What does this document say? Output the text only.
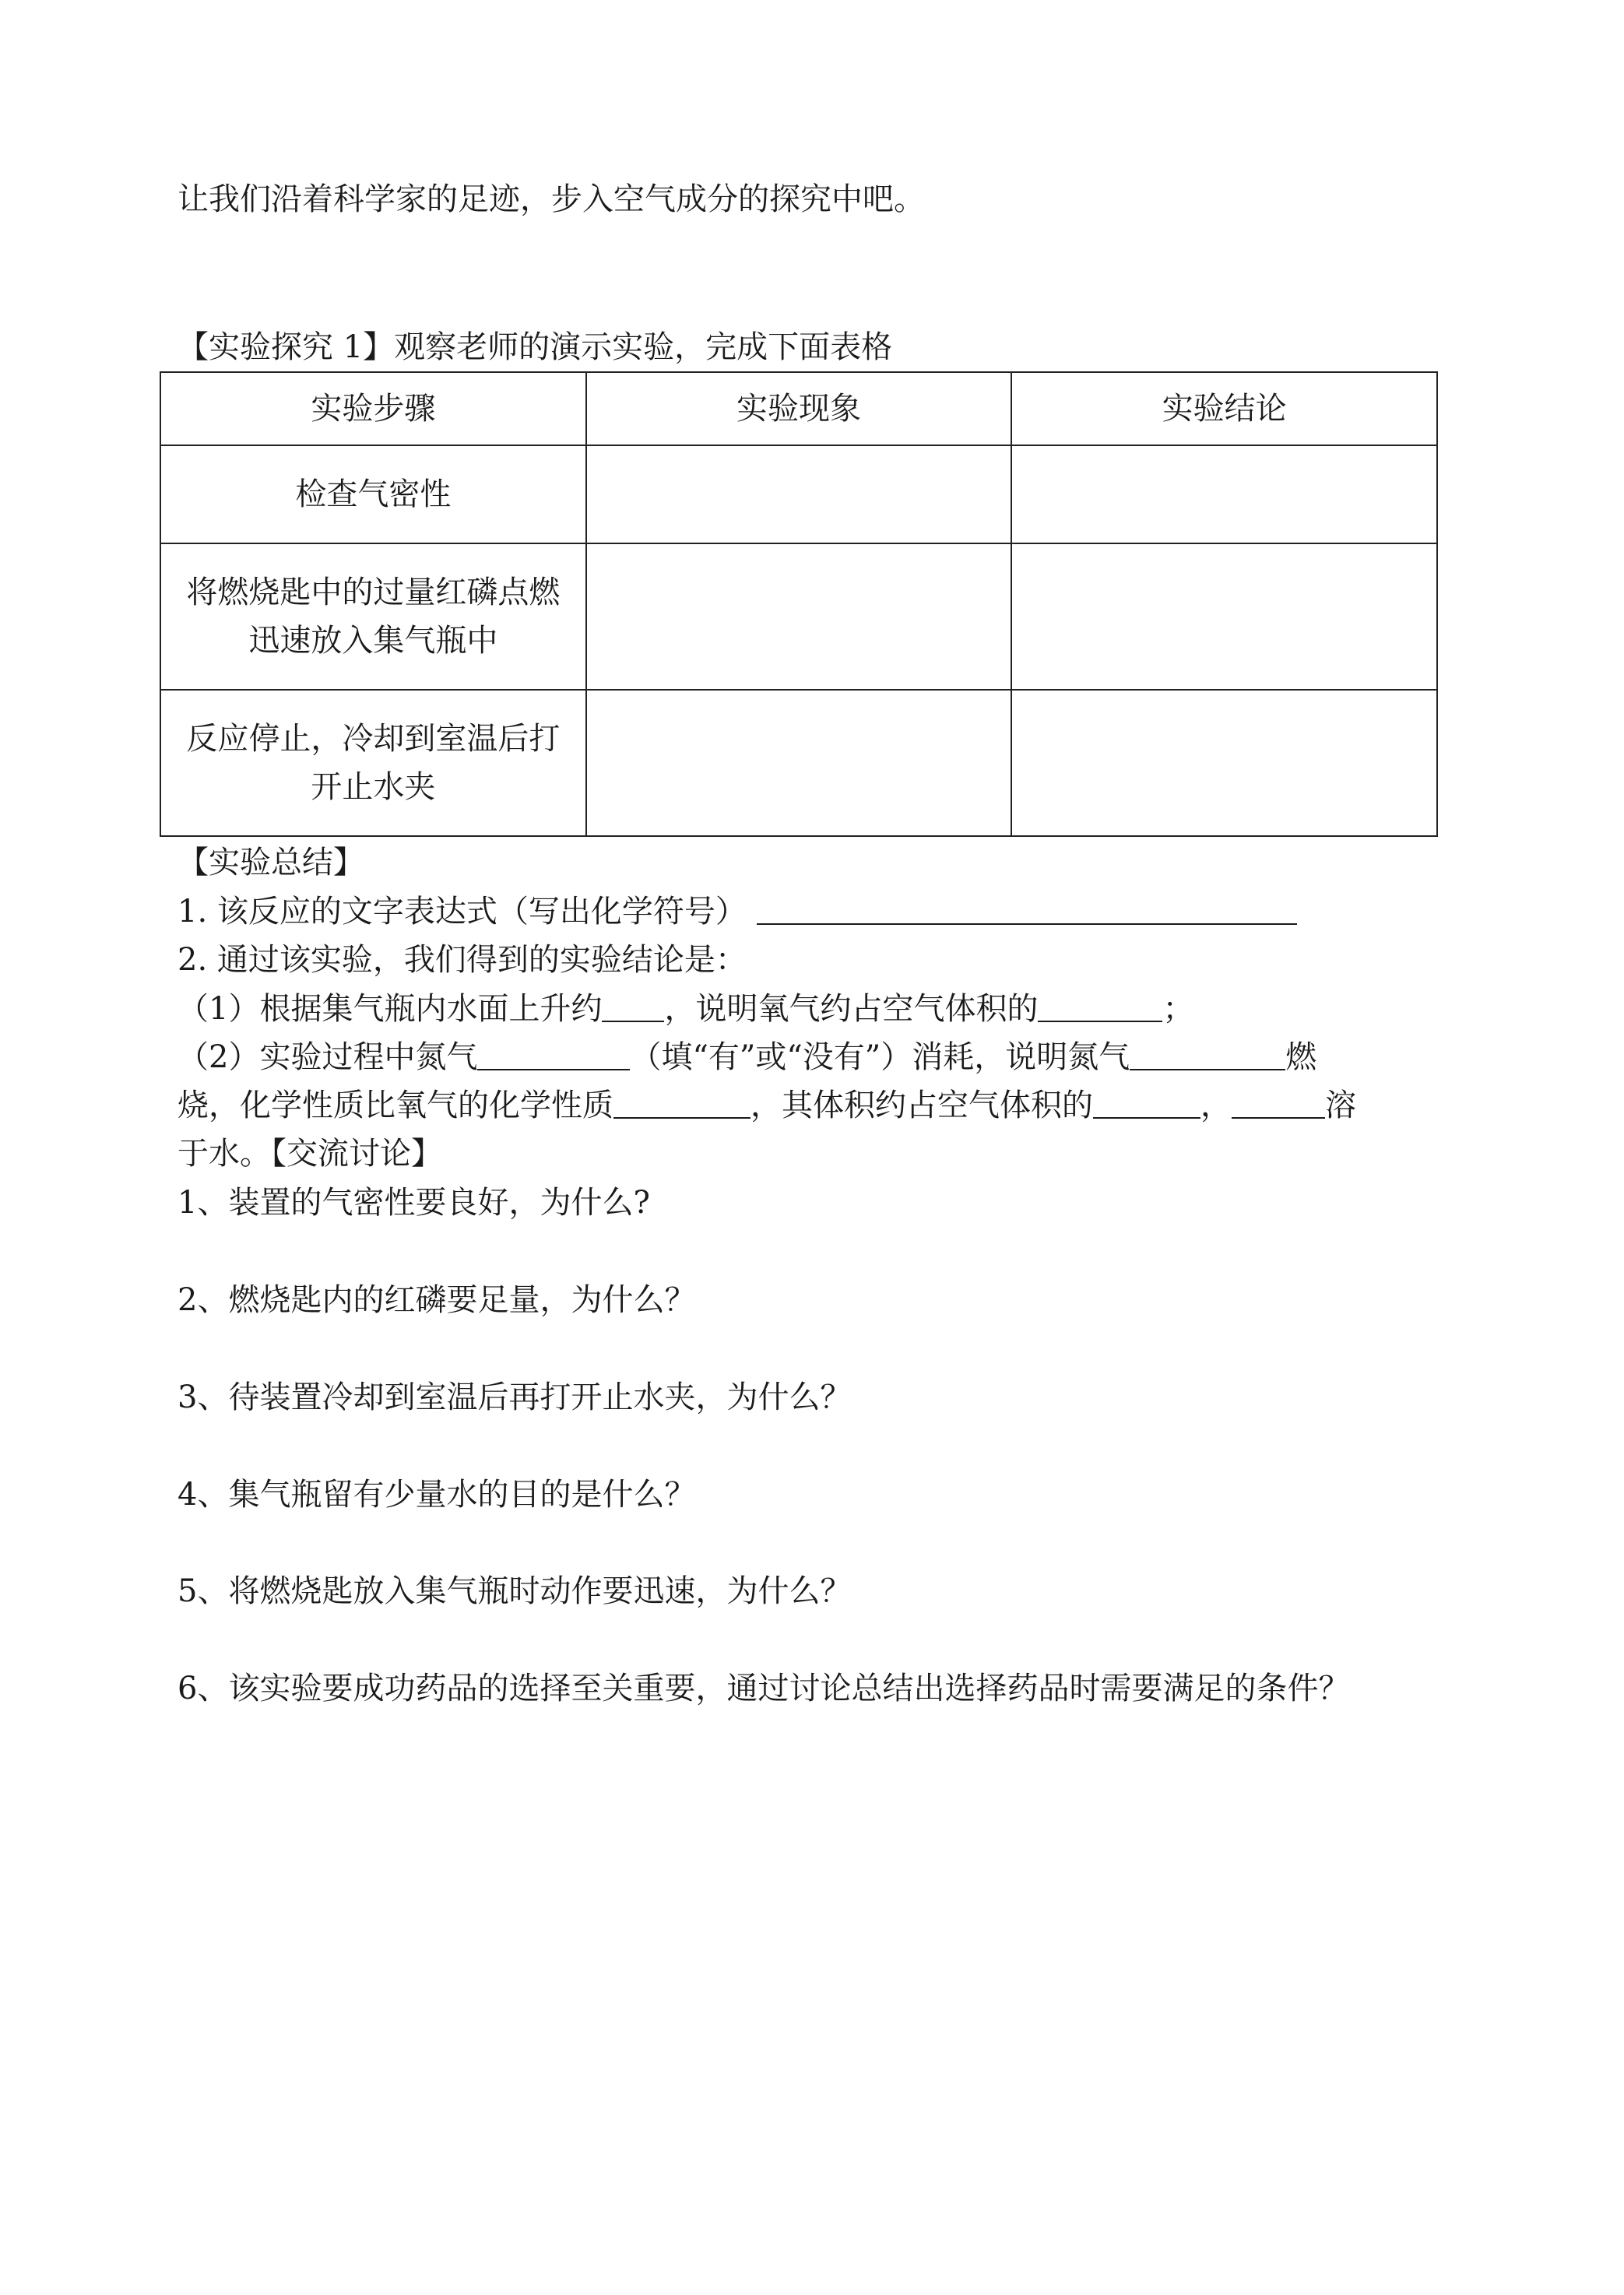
让我们沿着科学家的足迹，步入空气成分的探究中吧。
【实验探究 1】观察老师的演示实验，完成下面表格
实验步骤	实验现象	实验结论
检查气密性		
将燃烧匙中的过量红磷点燃
迅速放入集气瓶中		
反应停止，冷却到室温后打
开止水夹		
【实验总结】
1. 该反应的文字表达式（写出化学符号）
2. 通过该实验，我们得到的实验结论是：
（1）根据集气瓶内水面上升约 ，说明氧气约占空气体积的	；
（2）实验过程中氮气	（填“有”或“没有”）消耗，说明氮气	燃
烧，化学性质比氧气的化学性质	，其体积约占空气体积的	，	溶
于水。【交流讨论】
1、装置的气密性要良好，为什么?
2、燃烧匙内的红磷要足量，为什么？
3、待装置冷却到室温后再打开止水夹，为什么？
4、集气瓶留有少量水的目的是什么？
5、将燃烧匙放入集气瓶时动作要迅速，为什么？
6、该实验要成功药品的选择至关重要，通过讨论总结出选择药品时需要满足的条件？
